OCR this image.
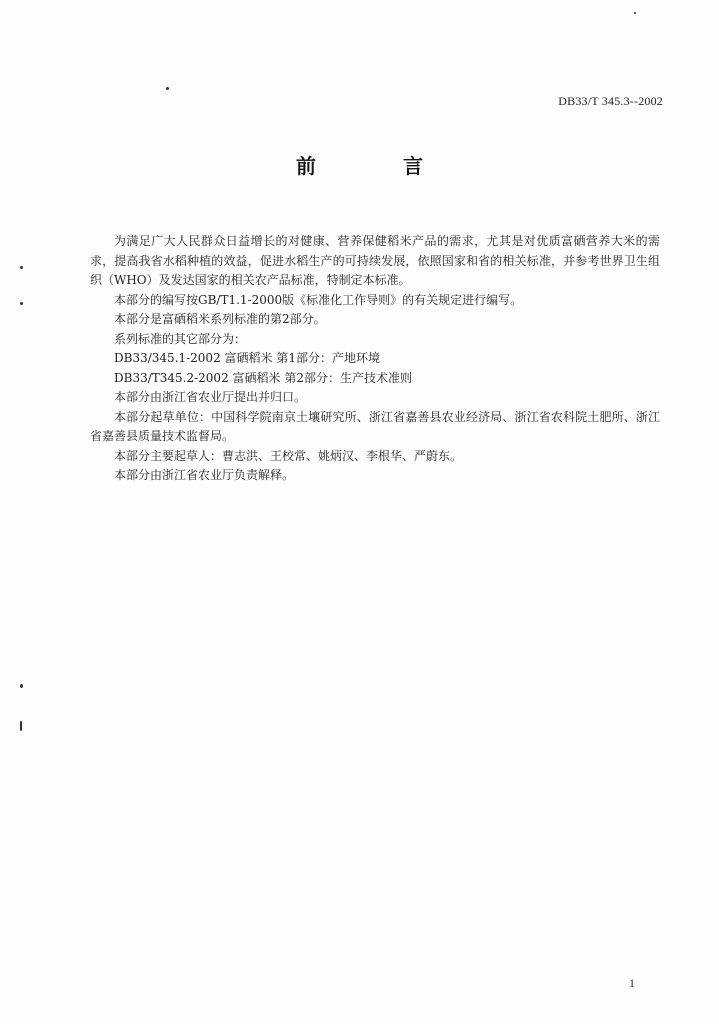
DB33/T 345.3--2002
前 言

为满足广大人民群众日益增长的对健康、营养保健稻米产品的需求，尤其是对优质富硒营养大米的需求，提高我省水稻种植的效益，促进水稻生产的可持续发展，依照国家和省的相关标准，并参考世界卫生组织（WHO）及发达国家的相关农产品标准，特制定本标准。

本部分的编写按GB/T1.1-2000版《标准化工作导则》的有关规定进行编写。

本部分是富硒稻米系列标准的第2部分。

系列标准的其它部分为：

DB33/345.1-2002 富硒稻米 第1部分：产地环境

DB33/T345.2-2002 富硒稻米 第2部分：生产技术准则

本部分由浙江省农业厅提出并归口。

本部分起草单位：中国科学院南京土壤研究所、浙江省嘉善县农业经济局、浙江省农科院土肥所、浙江省嘉善县质量技术监督局。

本部分主要起草人：曹志洪、王校常、姚炳汉、李根华、严蔚东。

本部分由浙江省农业厅负责解释。

1
